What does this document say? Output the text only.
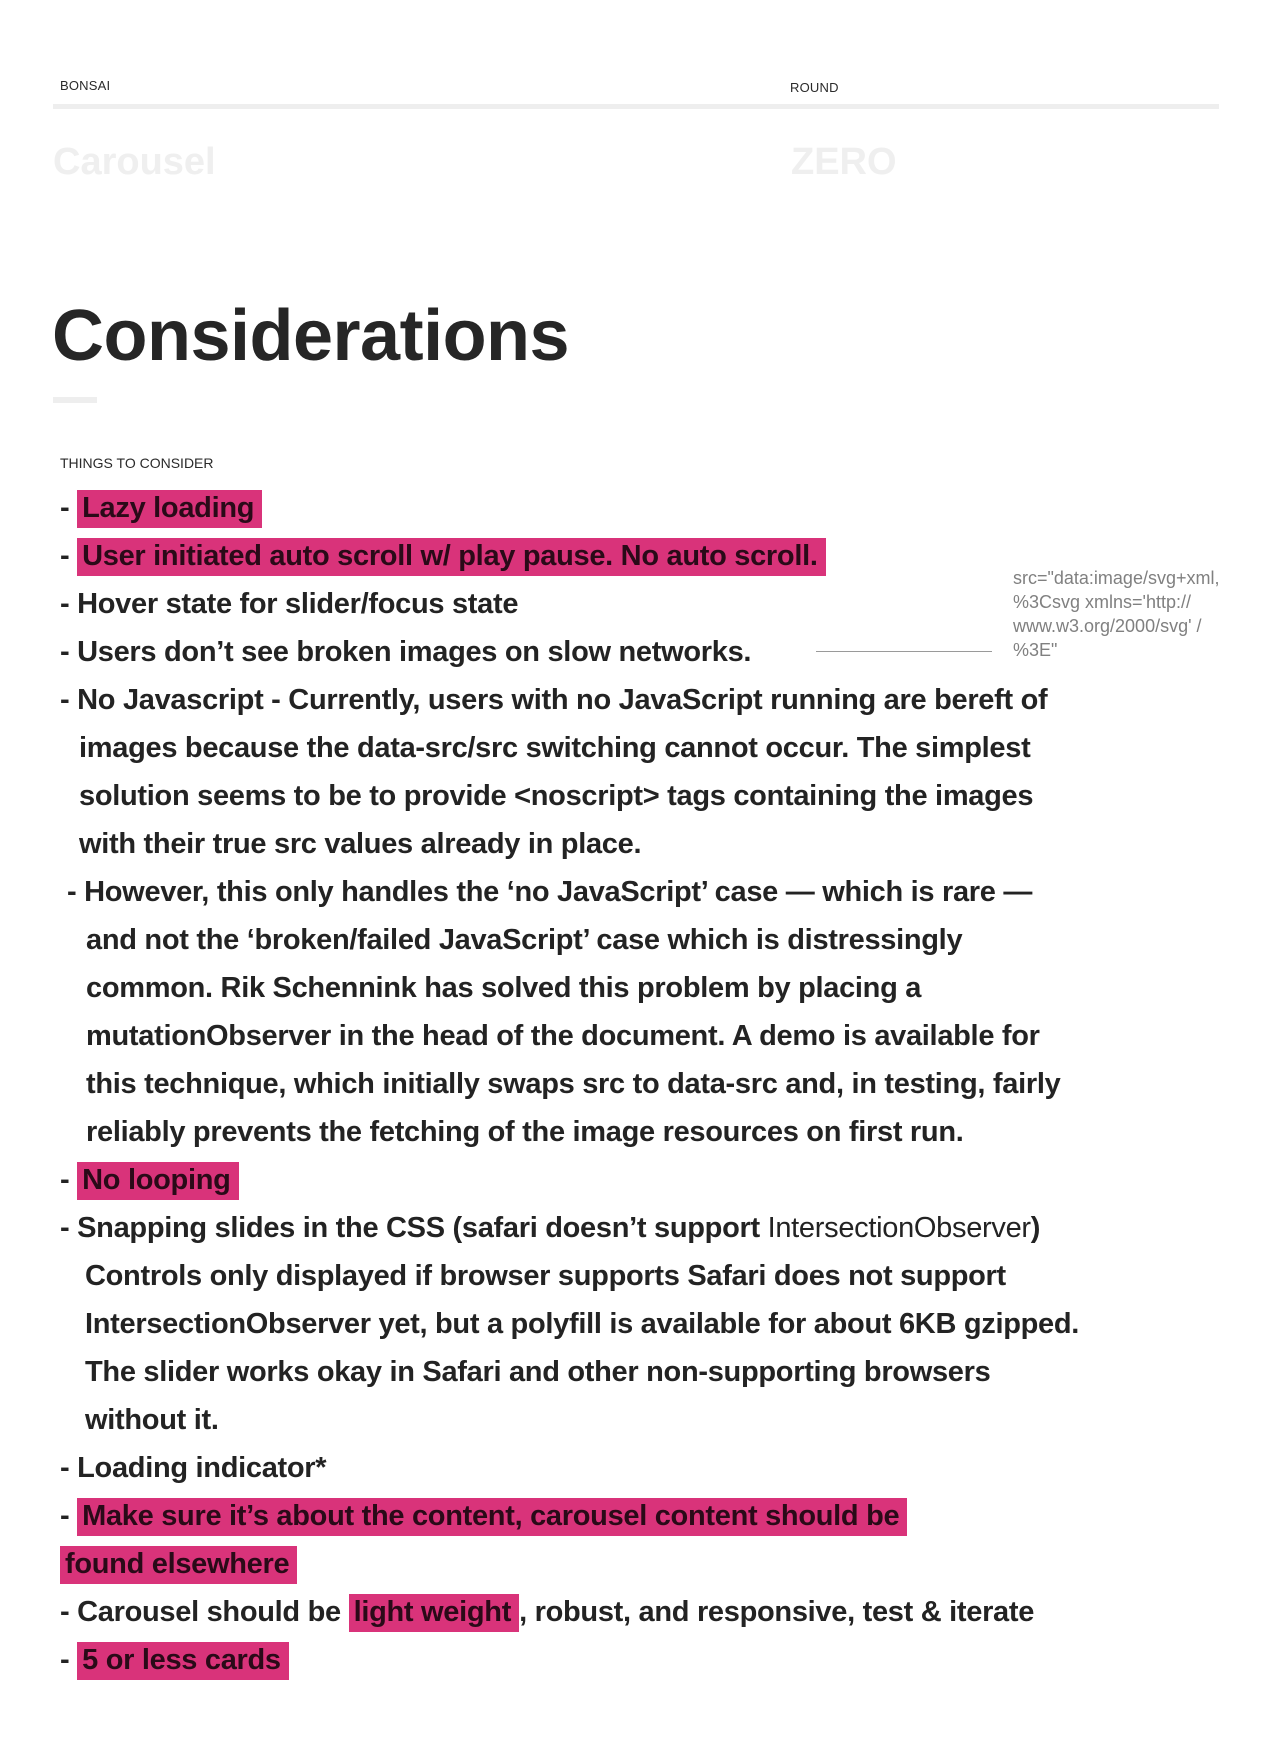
BONSAI	ROUND
Carousel	ZERO
Considerations
THINGS TO CONSIDER
- Lazy loading
- User initiated auto scroll w/ play pause. No auto scroll.
- Hover state for slider/focus state
- Users don’t see broken images on slow networks.
- No Javascript - Currently, users with no JavaScript running are bereft of images because the data-src/src switching cannot occur. The simplest solution seems to be to provide <noscript> tags containing the images with their true src values already in place.
- However, this only handles the ‘no JavaScript’ case — which is rare — and not the ‘broken/failed JavaScript’ case which is distressingly common. Rik Schennink has solved this problem by placing a mutationObserver in the head of the document. A demo is available for this technique, which initially swaps src to data-src and, in testing, fairly reliably prevents the fetching of the image resources on first run.
- No looping
- Snapping slides in the CSS (safari doesn’t support IntersectionObserver) Controls only displayed if browser supports Safari does not support IntersectionObserver yet, but a polyfill is available for about 6KB gzipped. The slider works okay in Safari and other non-supporting browsers without it.
- Loading indicator*
- Make sure it’s about the content, carousel content should be found elsewhere
- Carousel should be light weight , robust, and responsive, test & iterate
- 5 or less cards
src="data:image/svg+xml,
%3Csvg xmlns='http://
www.w3.org/2000/svg' /
%3E"
